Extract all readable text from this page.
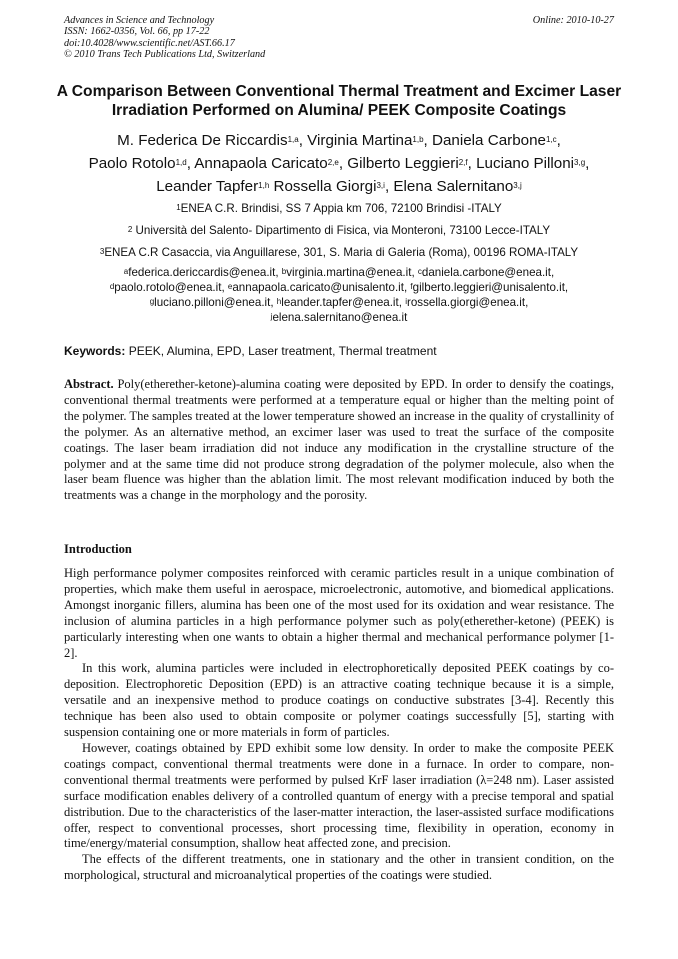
Advances in Science and Technology
ISSN: 1662-0356, Vol. 66, pp 17-22
doi:10.4028/www.scientific.net/AST.66.17
© 2010 Trans Tech Publications Ltd, Switzerland
Online: 2010-10-27
A Comparison Between Conventional Thermal Treatment and Excimer Laser Irradiation Performed on Alumina/ PEEK Composite Coatings
M. Federica De Riccardis$^{1,a}$, Virginia Martina$^{1,b}$, Daniela Carbone$^{1,c}$,
Paolo Rotolo$^{1,d}$, Annapaola Caricato$^{2,e}$, Gilberto Leggieri$^{2,f}$, Luciano Pilloni$^{3,g}$,
Leander Tapfer$^{1,h}$ Rossella Giorgi$^{3,i}$, Elena Salernitano$^{3,j}$
$^1$ENEA C.R. Brindisi, SS 7 Appia km 706, 72100 Brindisi -ITALY
$^2$ Università del Salento- Dipartimento di Fisica, via Monteroni, 73100 Lecce-ITALY
$^3$ENEA C.R Casaccia, via Anguillarese, 301, S. Maria di Galeria (Roma), 00196 ROMA-ITALY
$^a$federica.dericcardis@enea.it, $^b$virginia.martina@enea.it, $^c$daniela.carbone@enea.it,
$^d$paolo.rotolo@enea.it, $^e$annapaola.caricato@unisalento.it, $^f$gilberto.leggieri@unisalento.it,
$^g$luciano.pilloni@enea.it, $^h$leander.tapfer@enea.it, $^i$rossella.giorgi@enea.it,
$^j$elena.salernitano@enea.it
Keywords: PEEK, Alumina, EPD, Laser treatment, Thermal treatment
Abstract. Poly(etherether-ketone)-alumina coating were deposited by EPD. In order to densify the coatings, conventional thermal treatments were performed at a temperature equal or higher than the melting point of the polymer. The samples treated at the lower temperature showed an increase in the quality of crystallinity of the polymer. As an alternative method, an excimer laser was used to treat the surface of the composite coatings. The laser beam irradiation did not induce any modification in the crystalline structure of the polymer and at the same time did not produce strong degradation of the polymer molecule, also when the laser beam fluence was higher than the ablation limit. The most relevant modification induced by both the treatments was a change in the morphology and the porosity.
Introduction

High performance polymer composites reinforced with ceramic particles result in a unique combination of properties, which make them useful in aerospace, microelectronic, automotive, and biomedical applications. Amongst inorganic fillers, alumina has been one of the most used for its oxidation and wear resistance. The inclusion of alumina particles in a high performance polymer such as poly(etherether-ketone) (PEEK) is particularly interesting when one wants to obtain a higher thermal and mechanical performance polymer [1-2].

In this work, alumina particles were included in electrophoretically deposited PEEK coatings by co-deposition. Electrophoretic Deposition (EPD) is an attractive coating technique because it is a simple, versatile and an inexpensive method to produce coatings on conductive substrates [3-4]. Recently this technique has been also used to obtain composite or polymer coatings successfully [5], starting with suspension containing one or more materials in form of particles.

However, coatings obtained by EPD exhibit some low density. In order to make the composite PEEK coatings compact, conventional thermal treatments were done in a furnace. In order to compare, non-conventional thermal treatments were performed by pulsed KrF laser irradiation (λ=248 nm). Laser assisted surface modification enables delivery of a controlled quantum of energy with a precise temporal and spatial distribution. Due to the characteristics of the laser-matter interaction, the laser-assisted surface modifications offer, respect to conventional processes, short processing time, flexibility in operation, economy in time/energy/material consumption, shallow heat affected zone, and precision.

The effects of the different treatments, one in stationary and the other in transient condition, on the morphological, structural and microanalytical properties of the coatings were studied.
